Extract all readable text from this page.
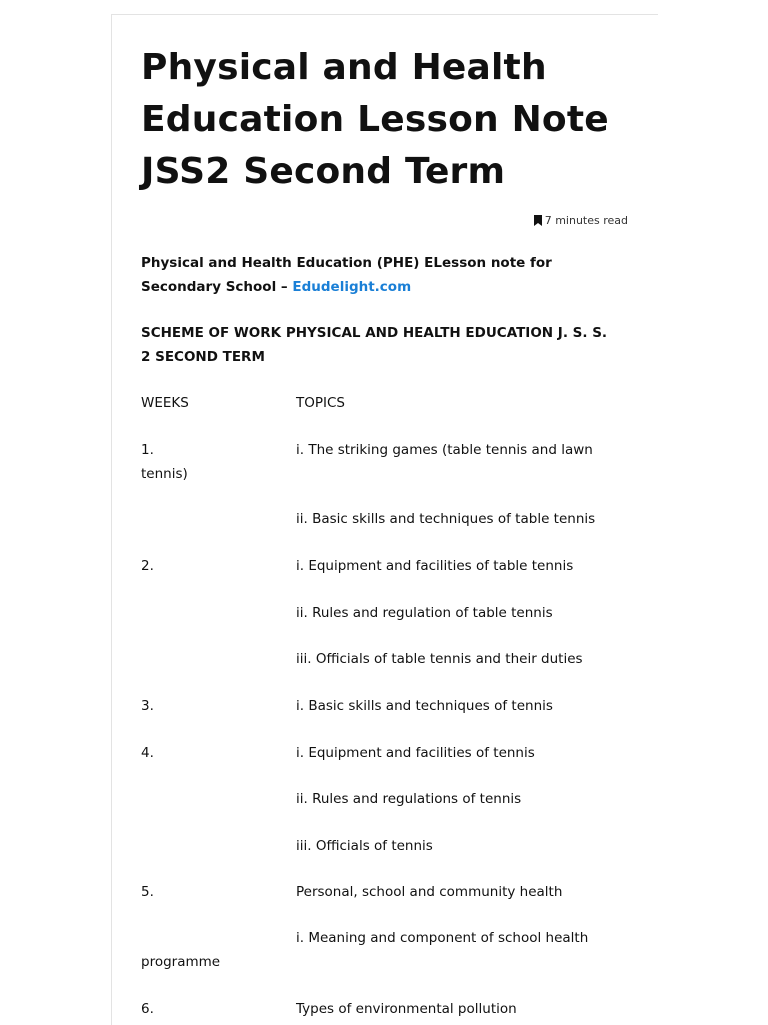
Physical and Health Education Lesson Note JSS2 Second Term
7 minutes read

Physical and Health Education (PHE) ELesson note for Secondary School – Edudelight.com

SCHEME OF WORK PHYSICAL AND HEALTH EDUCATION J. S. S. 2 SECOND TERM

WEEKS	TOPICS
1.	i. The striking games (table tennis and lawn
tennis)
ii. Basic skills and techniques of table tennis
2.	i. Equipment and facilities of table tennis
ii. Rules and regulation of table tennis
iii. Officials of table tennis and their duties
3.	i. Basic skills and techniques of tennis
4.	i. Equipment and facilities of tennis
ii. Rules and regulations of tennis
iii. Officials of tennis
5.	Personal, school and community health
i. Meaning and component of school health
programme
6.	Types of environmental pollution
